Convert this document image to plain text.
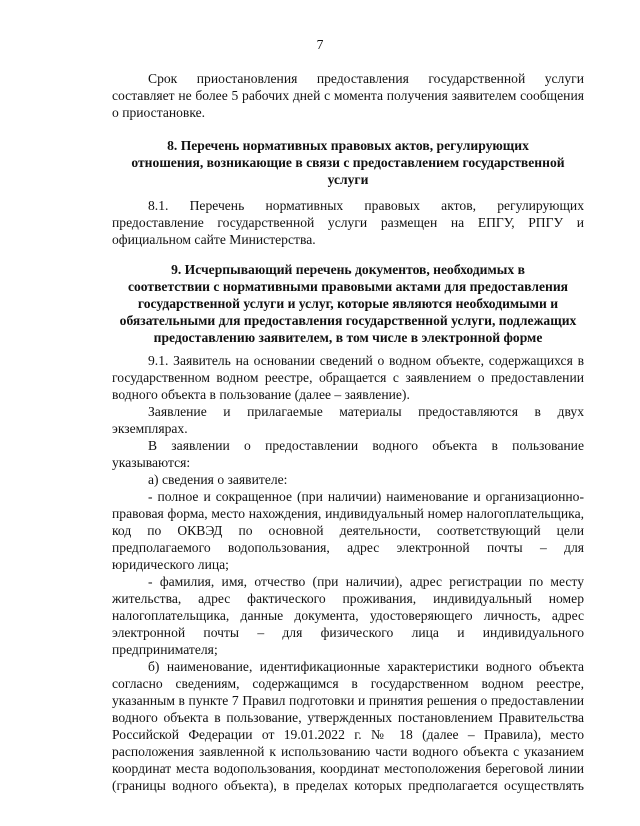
7

Срок приостановления предоставления государственной услуги

составляет не более 5 рабочих дней с момента получения заявителем сообщения

о приостановке.

8. Перечень нормативных правовых актов, регулирующих
отношения, возникающие в связи с предоставлением государственной
услуги

8.1. Перечень нормативных правовых актов, регулирующих

предоставление государственной услуги размещен на ЕПГУ, РПГУ и

официальном сайте Министерства.

9. Исчерпывающий перечень документов, необходимых в
соответствии с нормативными правовыми актами для предоставления
государственной услуги и услуг, которые являются необходимыми и
обязательными для предоставления государственной услуги, подлежащих
предоставлению заявителем, в том числе в электронной форме

9.1. Заявитель на основании сведений о водном объекте, содержащихся в

государственном водном реестре, обращается с заявлением о предоставлении

водного объекта в пользование (далее – заявление).

Заявление и прилагаемые материалы предоставляются в двух

экземплярах.

В заявлении о предоставлении водного объекта в пользование

указываются:

а) сведения о заявителе:

- полное и сокращенное (при наличии) наименование и организационно-

правовая форма, место нахождения, индивидуальный номер налогоплательщика,

код по ОКВЭД по основной деятельности, соответствующий цели

предполагаемого водопользования, адрес электронной почты – для

юридического лица;

- фамилия, имя, отчество (при наличии), адрес регистрации по месту

жительства, адрес фактического проживания, индивидуальный номер

налогоплательщика, данные документа, удостоверяющего личность, адрес

электронной почты – для физического лица и индивидуального

предпринимателя;

б) наименование, идентификационные характеристики водного объекта

согласно сведениям, содержащимся в государственном водном реестре,

указанным в пункте 7 Правил подготовки и принятия решения о предоставлении

водного объекта в пользование, утвержденных постановлением Правительства

Российской Федерации от 19.01.2022 г. № 18 (далее – Правила), место

расположения заявленной к использованию части водного объекта с указанием

координат места водопользования, координат местоположения береговой линии

(границы водного объекта), в пределах которых предполагается осуществлять
